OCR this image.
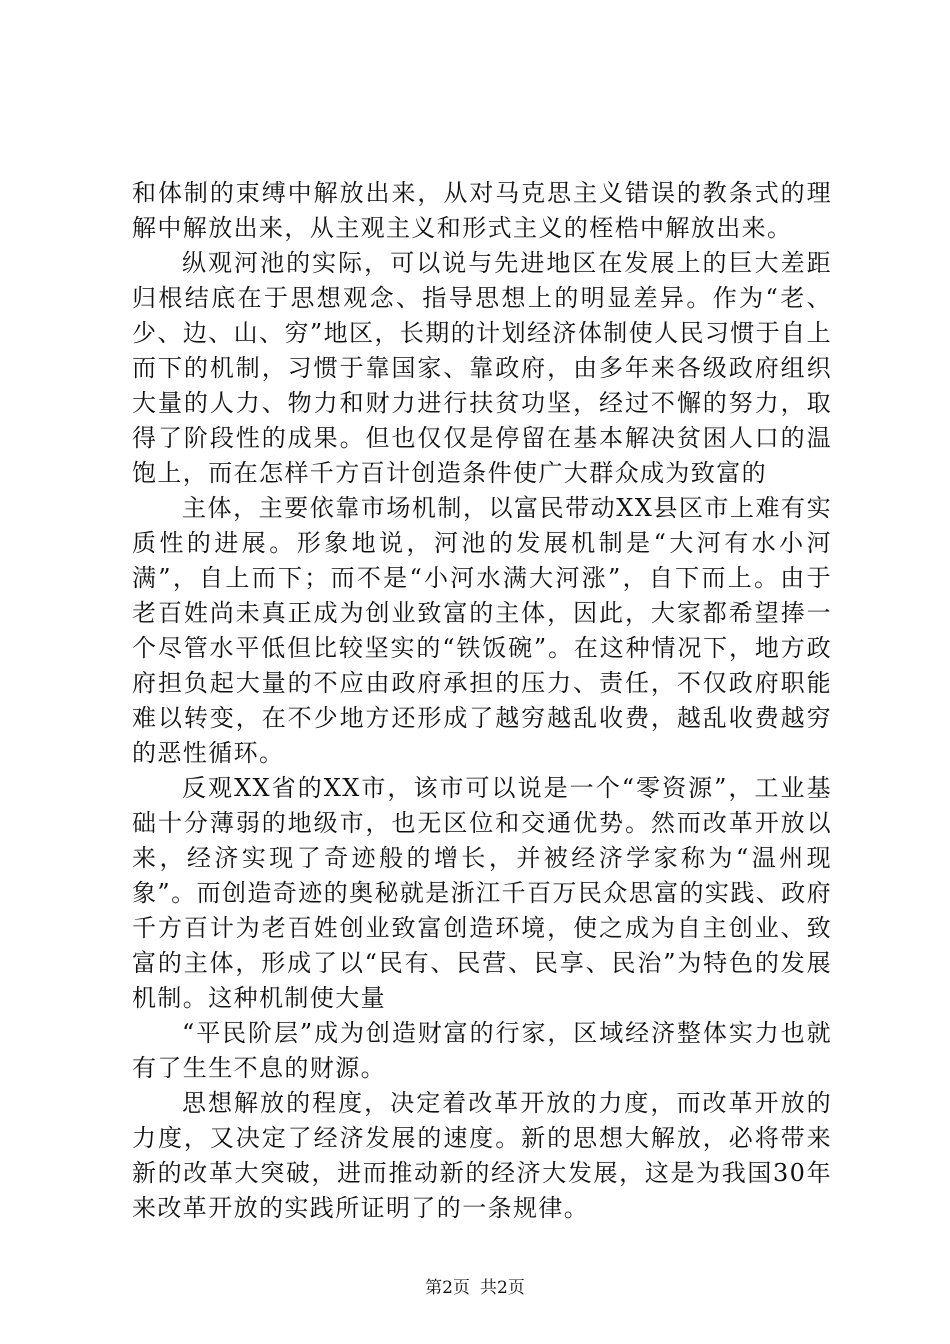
和体制的束缚中解放出来，从对马克思主义错误的教条式的理解中解放出来，从主观主义和形式主义的桎梏中解放出来。

纵观河池的实际，可以说与先进地区在发展上的巨大差距归根结底在于思想观念、指导思想上的明显差异。作为“老、少、边、山、穷”地区，长期的计划经济体制使人民习惯于自上而下的机制，习惯于靠国家、靠政府，由多年来各级政府组织大量的人力、物力和财力进行扶贫功坚，经过不懈的努力，取得了阶段性的成果。但也仅仅是停留在基本解决贫困人口的温饱上，而在怎样千方百计创造条件使广大群众成为致富的

主体，主要依靠市场机制，以富民带动XX县区市上难有实质性的进展。形象地说，河池的发展机制是“大河有水小河满”，自上而下；而不是“小河水满大河涨”，自下而上。由于老百姓尚未真正成为创业致富的主体，因此，大家都希望捧一个尽管水平低但比较坚实的“铁饭碗”。在这种情况下，地方政府担负起大量的不应由政府承担的压力、责任，不仅政府职能难以转变，在不少地方还形成了越穷越乱收费，越乱收费越穷的恶性循环。

反观XX省的XX市，该市可以说是一个“零资源”，工业基础十分薄弱的地级市，也无区位和交通优势。然而改革开放以来，经济实现了奇迹般的增长，并被经济学家称为“温州现象”。而创造奇迹的奥秘就是浙江千百万民众思富的实践、政府千方百计为老百姓创业致富创造环境，使之成为自主创业、致富的主体，形成了以“民有、民营、民享、民治”为特色的发展机制。这种机制使大量

“平民阶层”成为创造财富的行家，区域经济整体实力也就有了生生不息的财源。

思想解放的程度，决定着改革开放的力度，而改革开放的力度，又决定了经济发展的速度。新的思想大解放，必将带来新的改革大突破，进而推动新的经济大发展，这是为我国30年来改革开放的实践所证明了的一条规律。

第2页 共2页
